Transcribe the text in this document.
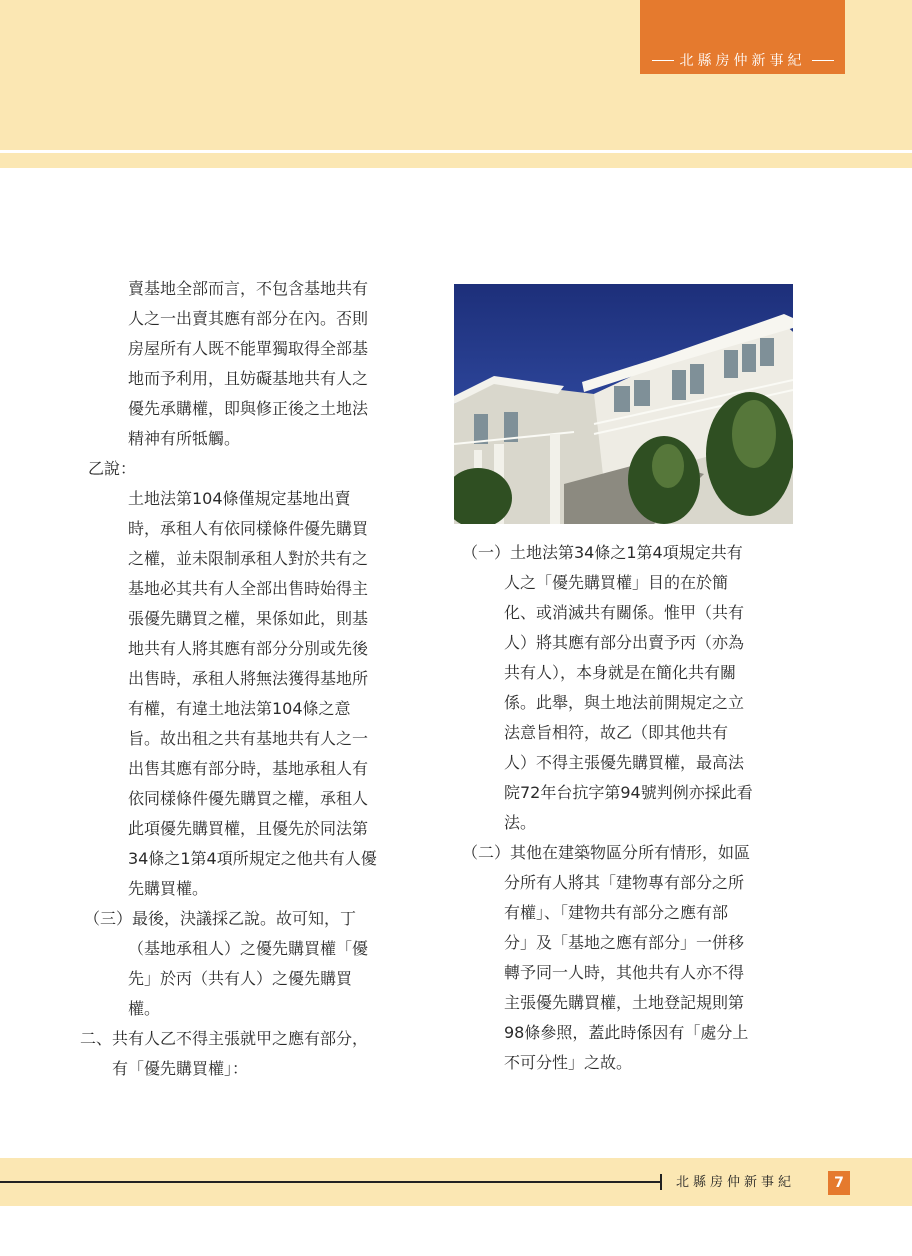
北縣房仲新事紀

賣基地全部而言，不包含基地共有

人之一出賣其應有部分在內。否則

房屋所有人既不能單獨取得全部基

地而予利用，且妨礙基地共有人之

優先承購權，即與修正後之土地法

精神有所牴觸。

乙說：

土地法第104條僅規定基地出賣

時，承租人有依同樣條件優先購買

之權，並未限制承租人對於共有之

基地必其共有人全部出售時始得主

張優先購買之權，果係如此，則基

地共有人將其應有部分分別或先後

出售時，承租人將無法獲得基地所

有權，有違土地法第104條之意

旨。故出租之共有基地共有人之一

出售其應有部分時，基地承租人有

依同樣條件優先購買之權，承租人

此項優先購買權，且優先於同法第

34條之1第4項所規定之他共有人優

先購買權。

（三）最後，決議採乙說。故可知，丁

（基地承租人）之優先購買權「優

先」於丙（共有人）之優先購買

權。

二、共有人乙不得主張就甲之應有部分，

有「優先購買權」：

（一）土地法第34條之1第4項規定共有

人之「優先購買權」目的在於簡

化、或消滅共有關係。惟甲（共有

人）將其應有部分出賣予丙（亦為

共有人），本身就是在簡化共有關

係。此舉，與土地法前開規定之立

法意旨相符，故乙（即其他共有

人）不得主張優先購買權，最高法

院72年台抗字第94號判例亦採此看

法。

（二）其他在建築物區分所有情形，如區

分所有人將其「建物專有部分之所

有權」、「建物共有部分之應有部

分」及「基地之應有部分」一併移

轉予同一人時，其他共有人亦不得

主張優先購買權，土地登記規則第

98條參照，蓋此時係因有「處分上

不可分性」之故。

北縣房仲新事紀	7
